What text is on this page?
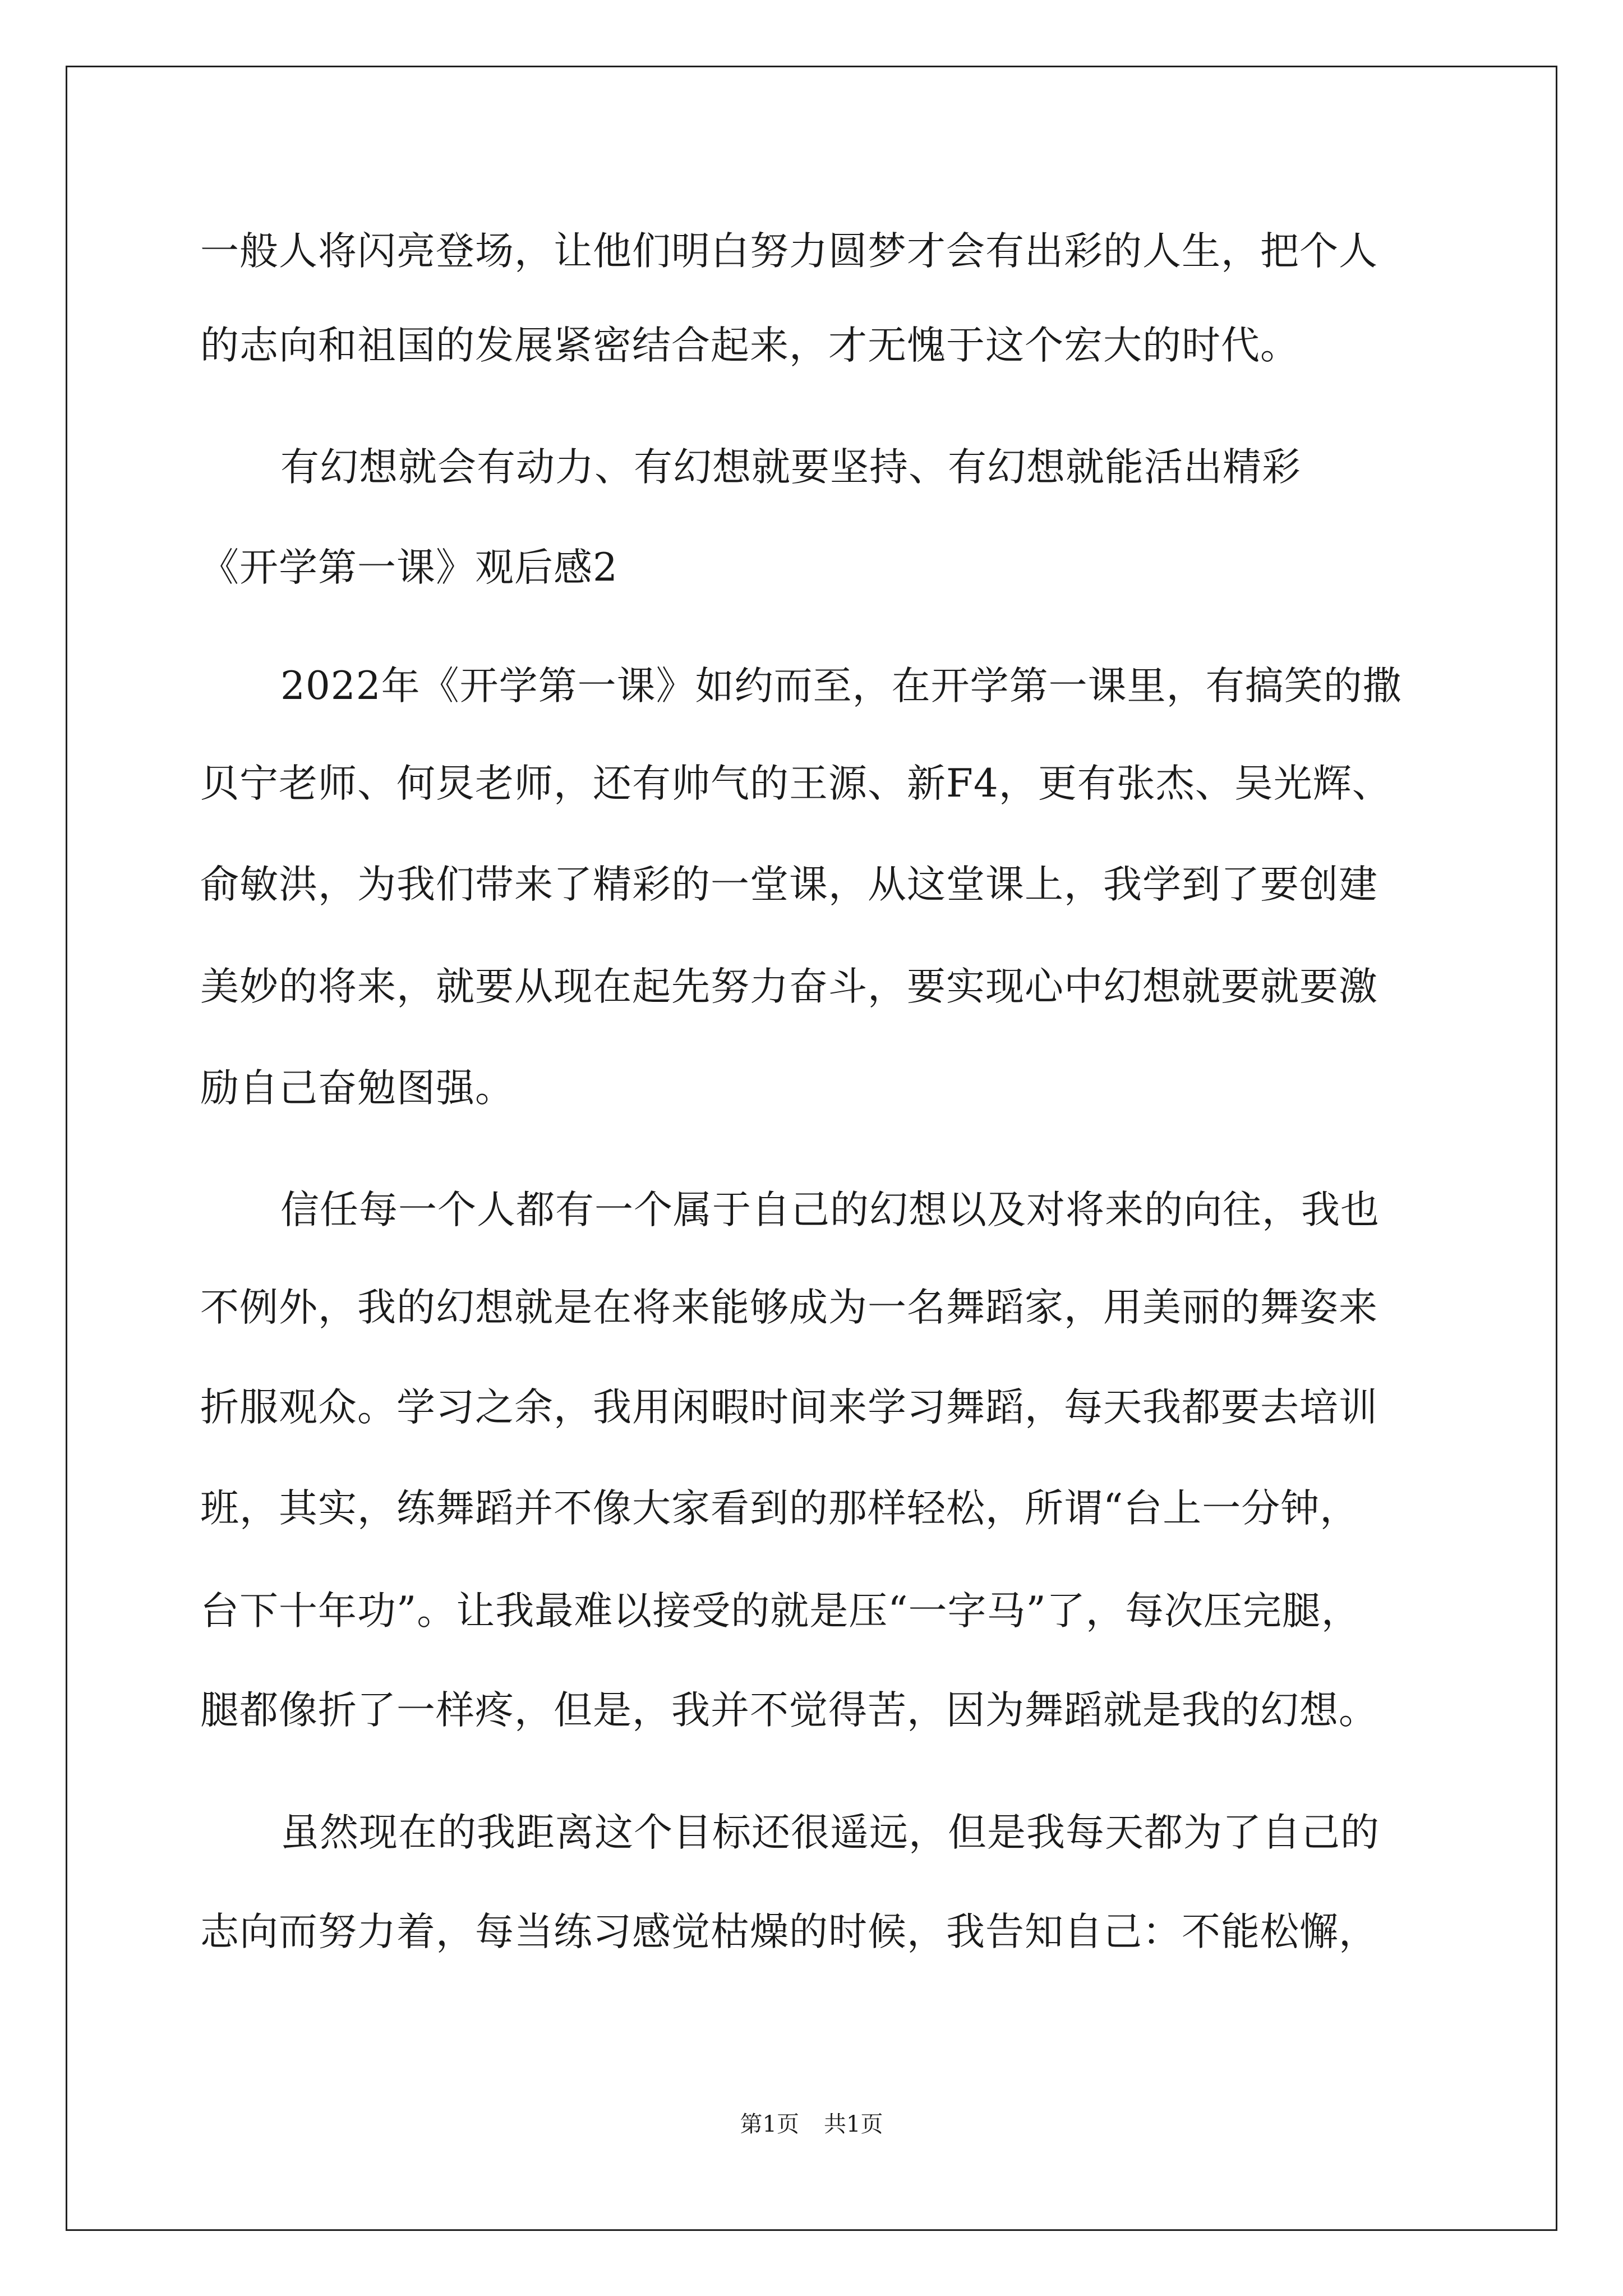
一般人将闪亮登场，让他们明白努力圆梦才会有出彩的人生，把个人
的志向和祖国的发展紧密结合起来，才无愧于这个宏大的时代。
有幻想就会有动力、有幻想就要坚持、有幻想就能活出精彩
《开学第一课》观后感2
2022年《开学第一课》如约而至，在开学第一课里，有搞笑的撒
贝宁老师、何炅老师，还有帅气的王源、新F4，更有张杰、吴光辉、
俞敏洪，为我们带来了精彩的一堂课，从这堂课上，我学到了要创建
美妙的将来，就要从现在起先努力奋斗，要实现心中幻想就要就要激
励自己奋勉图强。
信任每一个人都有一个属于自己的幻想以及对将来的向往，我也
不例外，我的幻想就是在将来能够成为一名舞蹈家，用美丽的舞姿来
折服观众。学习之余，我用闲暇时间来学习舞蹈，每天我都要去培训
班，其实，练舞蹈并不像大家看到的那样轻松，所谓“台上一分钟，
台下十年功”。让我最难以接受的就是压“一字马”了，每次压完腿，
腿都像折了一样疼，但是，我并不觉得苦，因为舞蹈就是我的幻想。
虽然现在的我距离这个目标还很遥远，但是我每天都为了自己的
志向而努力着，每当练习感觉枯燥的时候，我告知自己：不能松懈，
第1页 共1页
